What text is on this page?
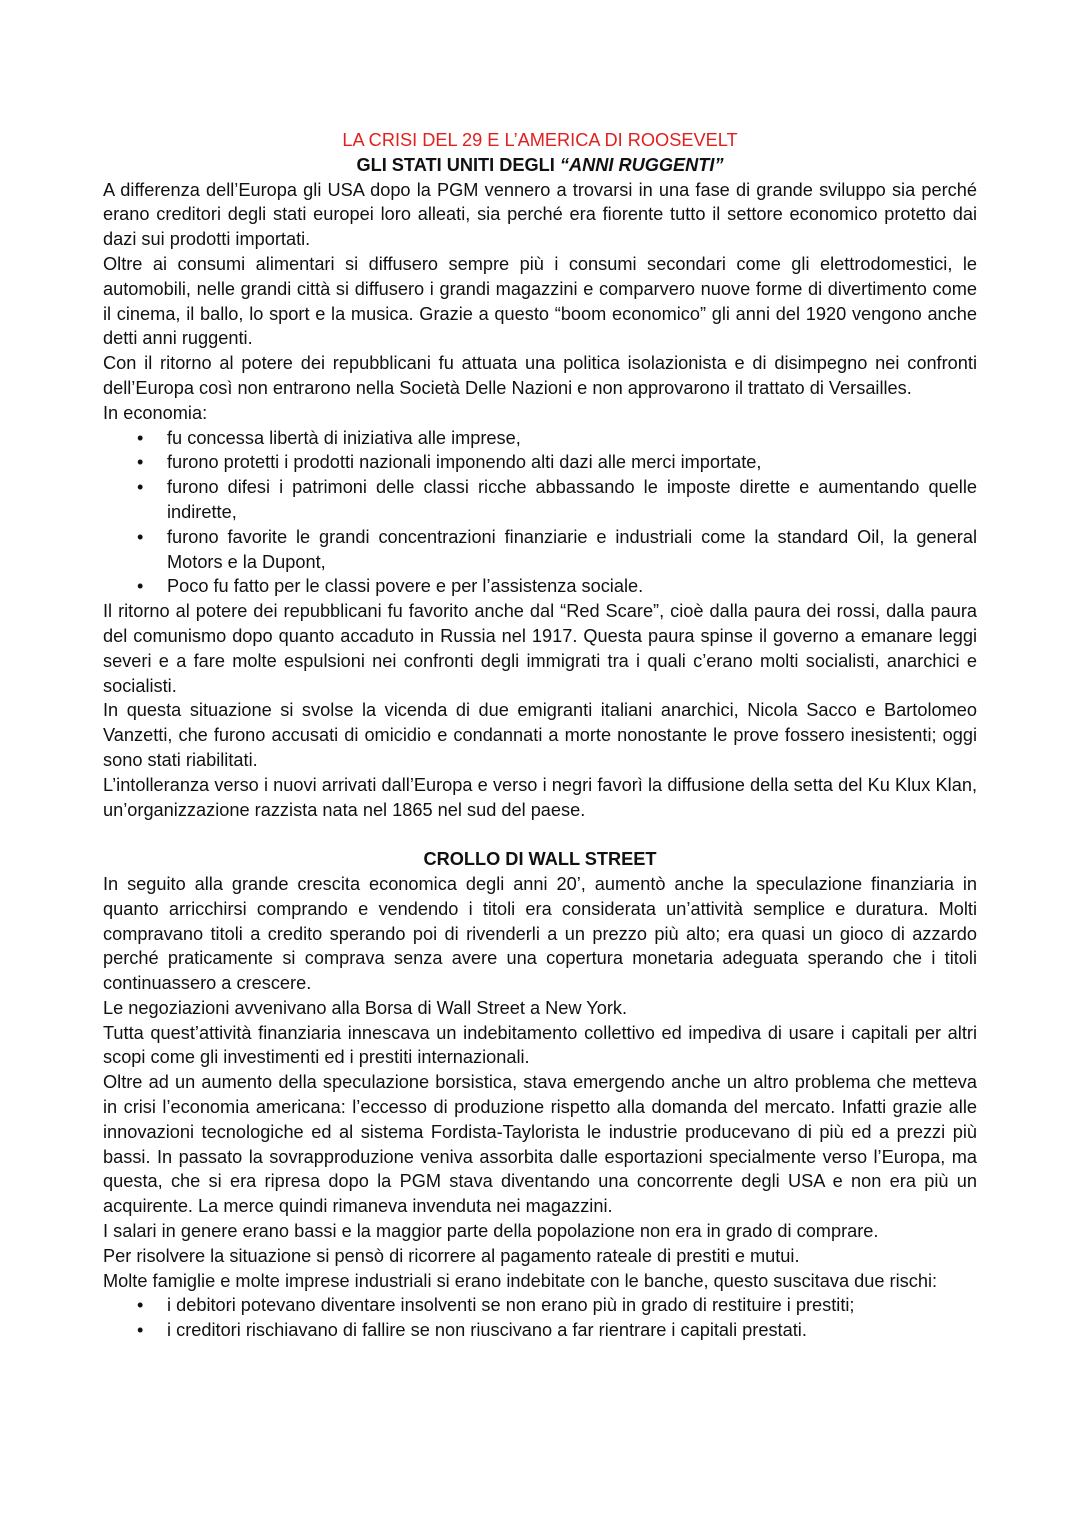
LA CRISI DEL 29 E L’AMERICA DI ROOSEVELT
GLI STATI UNITI DEGLI “ANNI RUGGENTI”

A differenza dell’Europa gli USA dopo la PGM vennero a trovarsi in una fase di grande sviluppo sia perché erano creditori degli stati europei loro alleati, sia perché era fiorente tutto il settore economico protetto dai dazi sui prodotti importati.

Oltre ai consumi alimentari si diffusero sempre più i consumi secondari come gli elettrodomestici, le automobili, nelle grandi città si diffusero i grandi magazzini e comparvero nuove forme di divertimento come il cinema, il ballo, lo sport e la musica. Grazie a questo “boom economico” gli anni del 1920 vengono anche detti anni ruggenti.

Con il ritorno al potere dei repubblicani fu attuata una politica isolazionista e di disimpegno nei confronti dell’Europa così non entrarono nella Società Delle Nazioni e non approvarono il trattato di Versailles.

In economia:

• fu concessa libertà di iniziativa alle imprese,
• furono protetti i prodotti nazionali imponendo alti dazi alle merci importate,
• furono difesi i patrimoni delle classi ricche abbassando le imposte dirette e aumentando quelle indirette,
• furono favorite le grandi concentrazioni finanziarie e industriali come la standard Oil, la general Motors e la Dupont,
• Poco fu fatto per le classi povere e per l’assistenza sociale.

Il ritorno al potere dei repubblicani fu favorito anche dal “Red Scare”, cioè dalla paura dei rossi, dalla paura del comunismo dopo quanto accaduto in Russia nel 1917. Questa paura spinse il governo a emanare leggi severi e a fare molte espulsioni nei confronti degli immigrati tra i quali c’erano molti socialisti, anarchici e socialisti.

In questa situazione si svolse la vicenda di due emigranti italiani anarchici, Nicola Sacco e Bartolomeo Vanzetti, che furono accusati di omicidio e condannati a morte nonostante le prove fossero inesistenti; oggi sono stati riabilitati.

L’intolleranza verso i nuovi arrivati dall’Europa e verso i negri favorì la diffusione della setta del Ku Klux Klan, un’organizzazione razzista nata nel 1865 nel sud del paese.

CROLLO DI WALL STREET

In seguito alla grande crescita economica degli anni 20’, aumentò anche la speculazione finanziaria in quanto arricchirsi comprando e vendendo i titoli era considerata un’attività semplice e duratura. Molti compravano titoli a credito sperando poi di rivenderli a un prezzo più alto; era quasi un gioco di azzardo perché praticamente si comprava senza avere una copertura monetaria adeguata sperando che i titoli continuassero a crescere.

Le negoziazioni avvenivano alla Borsa di Wall Street a New York.

Tutta quest’attività finanziaria innescava un indebitamento collettivo ed impediva di usare i capitali per altri scopi come gli investimenti ed i prestiti internazionali.

Oltre ad un aumento della speculazione borsistica, stava emergendo anche un altro problema che metteva in crisi l’economia americana: l’eccesso di produzione rispetto alla domanda del mercato. Infatti grazie alle innovazioni tecnologiche ed al sistema Fordista-Taylorista le industrie producevano di più ed a prezzi più bassi. In passato la sovrapproduzione veniva assorbita dalle esportazioni specialmente verso l’Europa, ma questa, che si era ripresa dopo la PGM stava diventando una concorrente degli USA e non era più un acquirente. La merce quindi rimaneva invenduta nei magazzini.

I salari in genere erano bassi e la maggior parte della popolazione non era in grado di comprare.

Per risolvere la situazione si pensò di ricorrere al pagamento rateale di prestiti e mutui.

Molte famiglie e molte imprese industriali si erano indebitate con le banche, questo suscitava due rischi:

• i debitori potevano diventare insolventi se non erano più in grado di restituire i prestiti;
• i creditori rischiavano di fallire se non riuscivano a far rientrare i capitali prestati.
